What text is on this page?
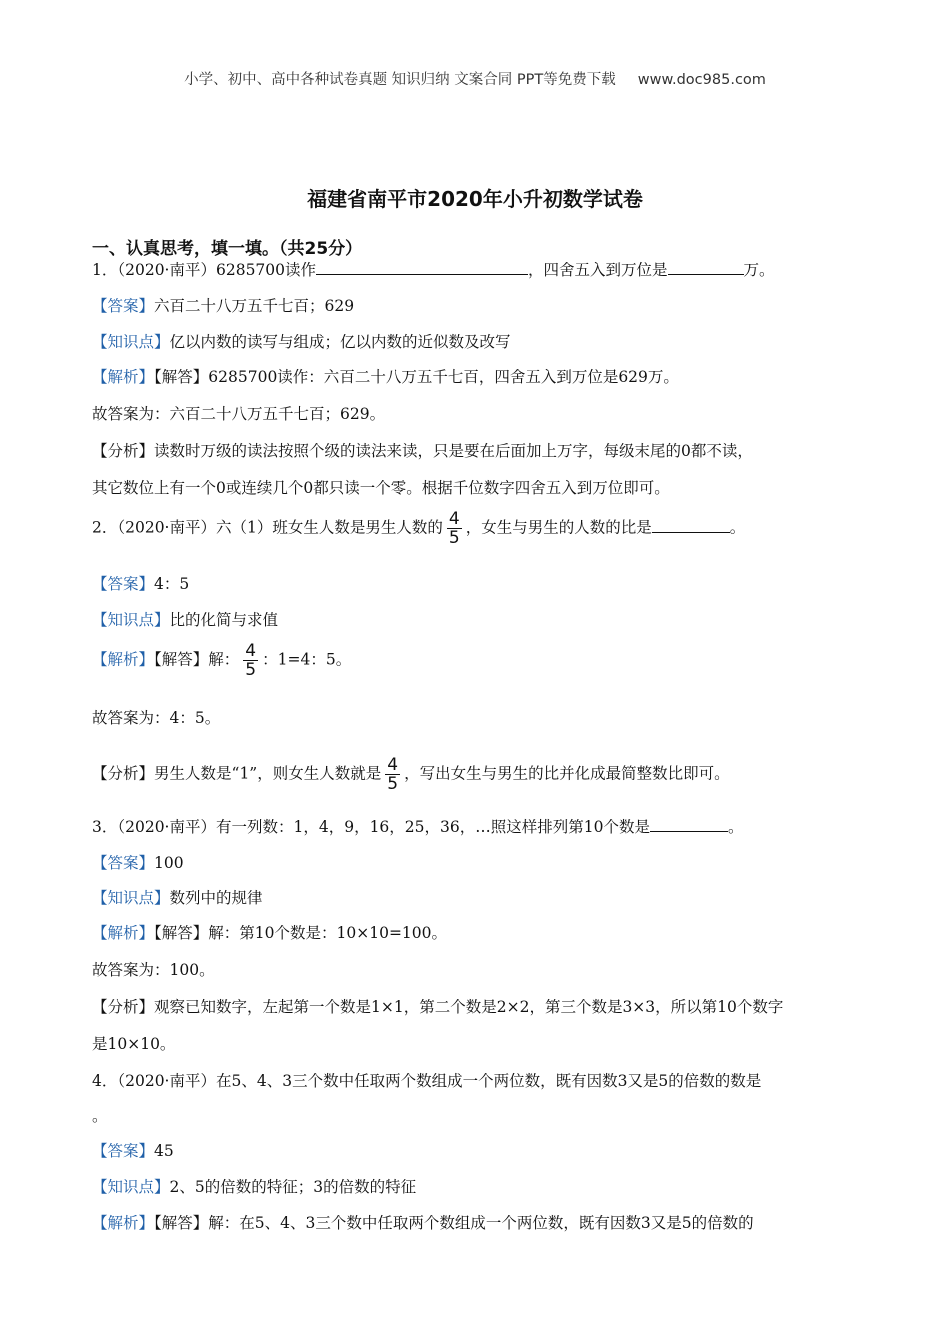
小学、初中、高中各种试卷真题 知识归纳 文案合同 PPT等免费下载 www.doc985.com
福建省南平市2020年小升初数学试卷
一、认真思考，填一填。（共25分）
1．（2020·南平）6285700读作	，四舍五入到万位是	万。
【答案】六百二十八万五千七百；629
【知识点】亿以内数的读写与组成；亿以内数的近似数及改写
【解析】【解答】6285700读作：六百二十八万五千七百，四舍五入到万位是629万。
故答案为：六百二十八万五千七百；629。
【分析】读数时万级的读法按照个级的读法来读，只是要在后面加上万字，每级末尾的0都不读，
其它数位上有一个0或连续几个0都只读一个零。根据千位数字四舍五入到万位即可。
2．（2020·南平）六（1）班女生人数是男生人数的 $\frac{4}{5}$ ，女生与男生的人数的比是	。
【答案】4：5
【知识点】比的化简与求值
【解析】【解答】解： $\frac{4}{5}$ ：1=4：5。
故答案为：4：5。
【分析】男生人数是“1”，则女生人数就是 $\frac{4}{5}$ ，写出女生与男生的比并化成最简整数比即可。
3．（2020·南平）有一列数：1，4，9，16，25，36，…照这样排列第10个数是	。
【答案】100
【知识点】数列中的规律
【解析】【解答】解：第10个数是：10×10=100。
故答案为：100。
【分析】观察已知数字，左起第一个数是1×1，第二个数是2×2，第三个数是3×3，所以第10个数字
是10×10。
4．（2020·南平）在5、4、3三个数中任取两个数组成一个两位数，既有因数3又是5的倍数的数是
。
【答案】45
【知识点】2、5的倍数的特征；3的倍数的特征
【解析】【解答】解：在5、4、3三个数中任取两个数组成一个两位数，既有因数3又是5的倍数的
